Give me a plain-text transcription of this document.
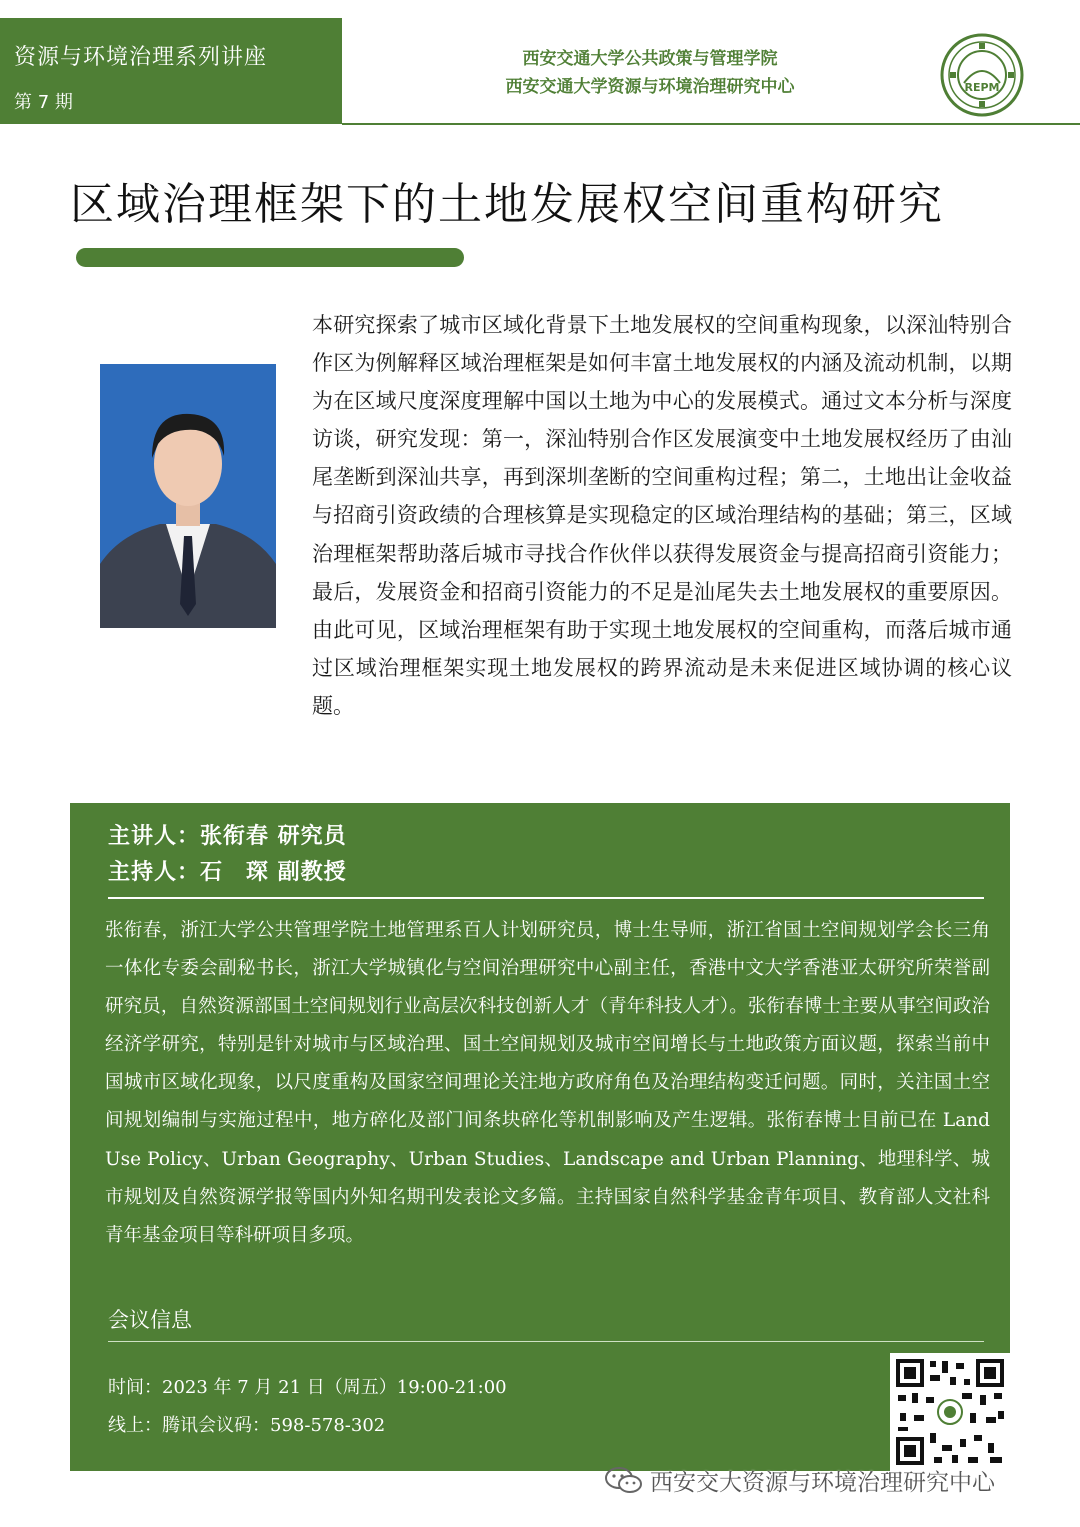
资源与环境治理系列讲座
第 7 期
西安交通大学公共政策与管理学院
西安交通大学资源与环境治理研究中心	REPM
区域治理框架下的土地发展权空间重构研究
本研究探索了城市区域化背景下土地发展权的空间重构现象，以深汕特别合作区为例解释区域治理框架是如何丰富土地发展权的内涵及流动机制，以期为在区域尺度深度理解中国以土地为中心的发展模式。通过文本分析与深度访谈，研究发现：第一，深汕特别合作区发展演变中土地发展权经历了由汕尾垄断到深汕共享，再到深圳垄断的空间重构过程；第二，土地出让金收益与招商引资政绩的合理核算是实现稳定的区域治理结构的基础；第三，区域治理框架帮助落后城市寻找合作伙伴以获得发展资金与提高招商引资能力；最后，发展资金和招商引资能力的不足是汕尾失去土地发展权的重要原因。由此可见，区域治理框架有助于实现土地发展权的空间重构，而落后城市通过区域治理框架实现土地发展权的跨界流动是未来促进区域协调的核心议题。
主讲人：张衔春 研究员
主持人：石　琛 副教授
张衔春，浙江大学公共管理学院土地管理系百人计划研究员，博士生导师，浙江省国土空间规划学会长三角一体化专委会副秘书长，浙江大学城镇化与空间治理研究中心副主任，香港中文大学香港亚太研究所荣誉副研究员，自然资源部国土空间规划行业高层次科技创新人才（青年科技人才）。张衔春博士主要从事空间政治经济学研究，特别是针对城市与区域治理、国土空间规划及城市空间增长与土地政策方面议题，探索当前中国城市区域化现象，以尺度重构及国家空间理论关注地方政府角色及治理结构变迁问题。同时，关注国土空间规划编制与实施过程中，地方碎化及部门间条块碎化等机制影响及产生逻辑。张衔春博士目前已在 Land Use Policy、Urban Geography、Urban Studies、Landscape and Urban Planning、地理科学、城市规划及自然资源学报等国内外知名期刊发表论文多篇。主持国家自然科学基金青年项目、教育部人文社科青年基金项目等科研项目多项。
会议信息
时间：2023 年 7 月 21 日（周五）19:00-21:00
线上：腾讯会议码：598-578-302
西安交大资源与环境治理研究中心
